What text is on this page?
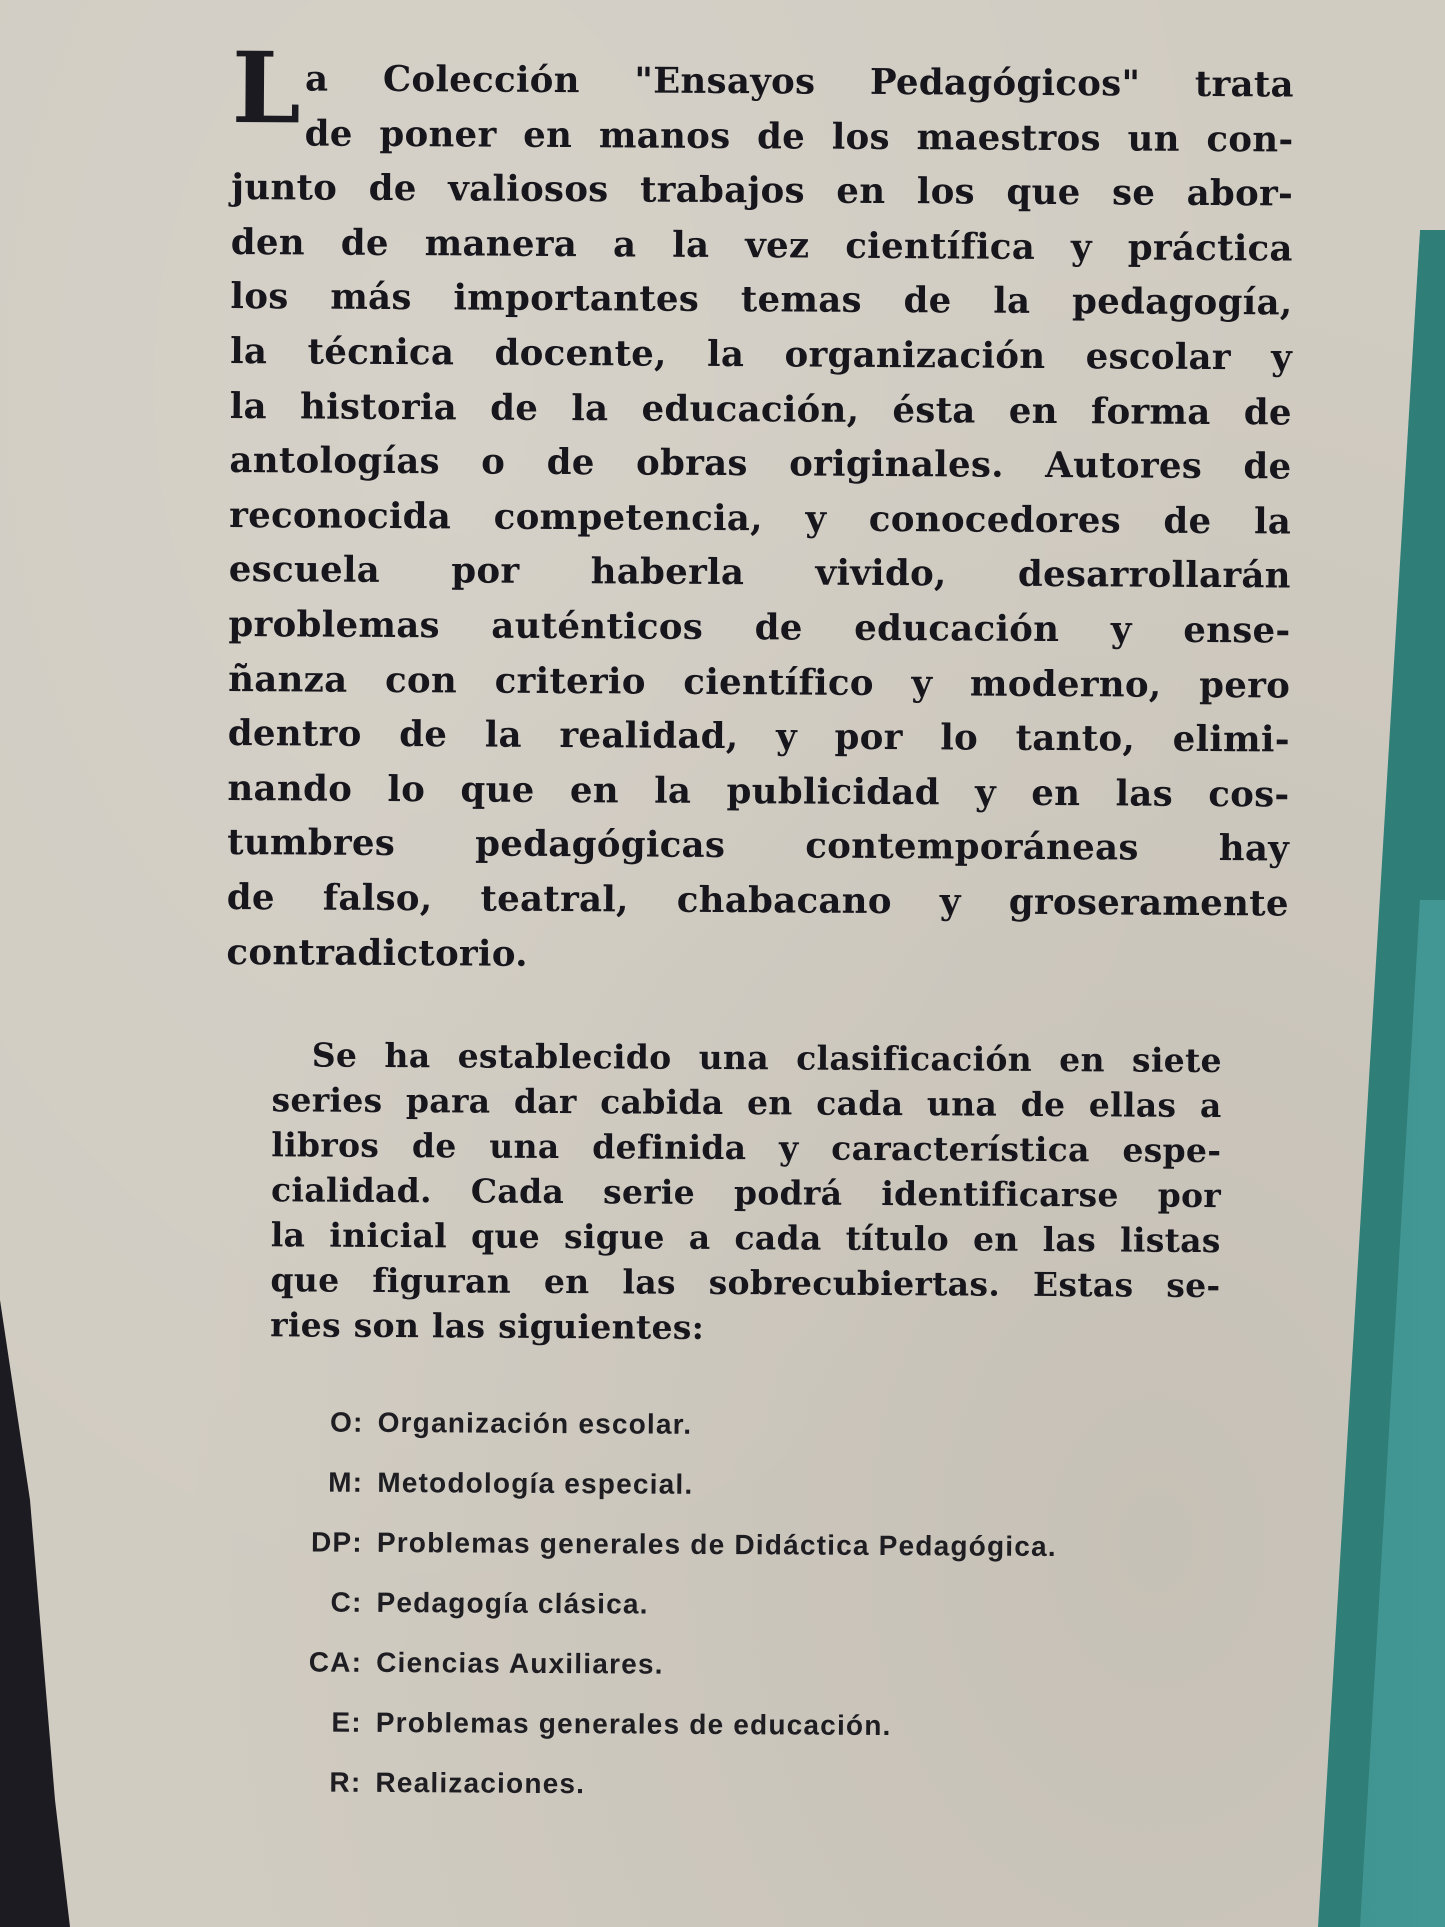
L a Colección "Ensayos Pedagógicos" trata
de poner en manos de los maestros un con-
junto de valiosos trabajos en los que se abor-
den de manera a la vez científica y práctica
los más importantes temas de la pedagogía,
la técnica docente, la organización escolar y
la historia de la educación, ésta en forma de
antologías o de obras originales. Autores de
reconocida competencia, y conocedores de la
escuela por haberla vivido, desarrollarán
problemas auténticos de educación y ense-
ñanza con criterio científico y moderno, pero
dentro de la realidad, y por lo tanto, elimi-
nando lo que en la publicidad y en las cos-
tumbres pedagógicas contemporáneas hay
de falso, teatral, chabacano y groseramente
contradictorio.
Se ha establecido una clasificación en siete
series para dar cabida en cada una de ellas a
libros de una definida y característica espe-
cialidad. Cada serie podrá identificarse por
la inicial que sigue a cada título en las listas
que figuran en las sobrecubiertas. Estas se-
ries son las siguientes:
O: Organización escolar.
M: Metodología especial.
DP: Problemas generales de Didáctica Pedagógica.
C: Pedagogía clásica.
CA: Ciencias Auxiliares.
E: Problemas generales de educación.
R: Realizaciones.
